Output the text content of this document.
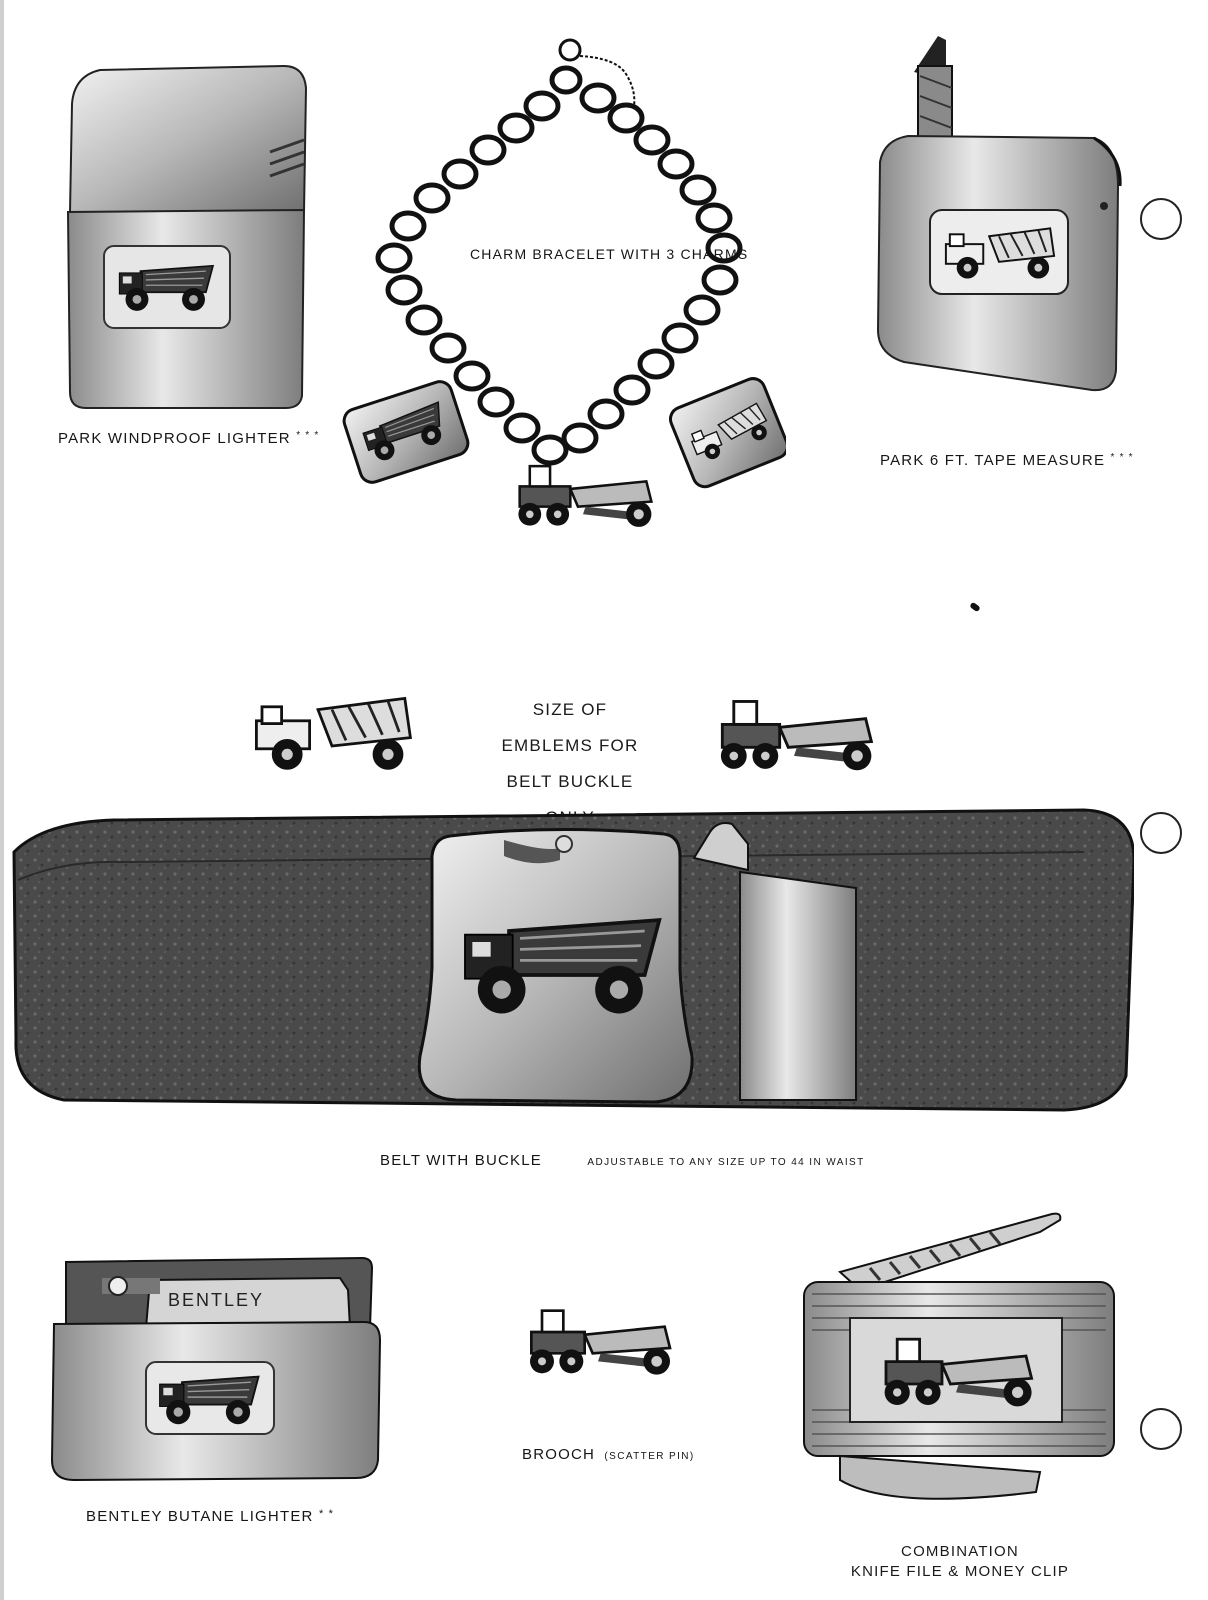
PARK WINDPROOF LIGHTER * * *
CHARM BRACELET WITH 3 CHARMS
PARK 6 FT. TAPE MEASURE * * *
SIZE OF
EMBLEMS FOR
BELT BUCKLE
BELT WITH BUCKLE	ADJUSTABLE TO ANY SIZE UP TO 44 IN WAIST
BENTLEY
BENTLEY BUTANE LIGHTER * *
BROOCH (SCATTER PIN)
COMBINATION
KNIFE FILE & MONEY CLIP
